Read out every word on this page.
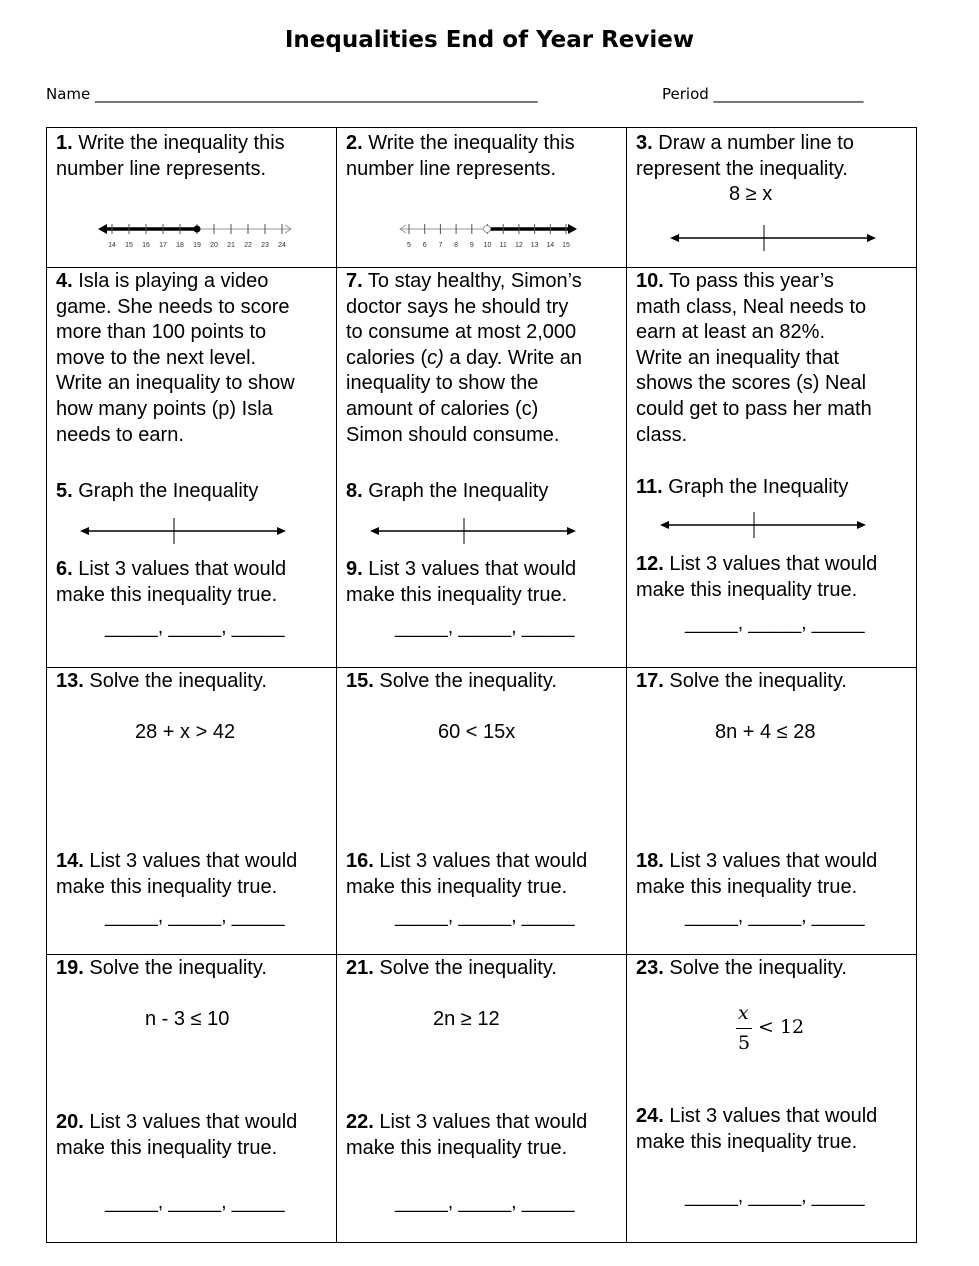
Inequalities End of Year Review
Name ___________________________________________________________	Period ____________________
1. Write the inequality this
number line represents.
14 15 16 17 18 19 20 21 22 23 24
2. Write the inequality this
number line represents.
5 6 7 8 9 10 11 12 13 14 15
3. Draw a number line to
represent the inequality.
8 ≥ x
4. Isla is playing a video
game. She needs to score
more than 100 points to
move to the next level.
Write an inequality to show
how many points (p) Isla
needs to earn.
5. Graph the Inequality
6. List 3 values that would
make this inequality true.
_____, _____, _____
7. To stay healthy, Simon’s
doctor says he should try
to consume at most 2,000
calories (c) a day. Write an
inequality to show the
amount of calories (c)
Simon should consume.
8. Graph the Inequality
9. List 3 values that would
make this inequality true.
_____, _____, _____
10. To pass this year’s
math class, Neal needs to
earn at least an 82%.
Write an inequality that
shows the scores (s) Neal
could get to pass her math
class.
11. Graph the Inequality
12. List 3 values that would
make this inequality true.
_____, _____, _____
13. Solve the inequality.
28 + x > 42
14. List 3 values that would
make this inequality true.
_____, _____, _____
15. Solve the inequality.
60 < 15x
16. List 3 values that would
make this inequality true.
_____, _____, _____
17. Solve the inequality.
8n + 4 ≤ 28
18. List 3 values that would
make this inequality true.
_____, _____, _____
19. Solve the inequality.
n - 3 ≤ 10
20. List 3 values that would
make this inequality true.
_____, _____, _____
21. Solve the inequality.
2n ≥ 12
22. List 3 values that would
make this inequality true.
_____, _____, _____
23. Solve the inequality.
x
5
< 12
24. List 3 values that would
make this inequality true.
_____, _____, _____
